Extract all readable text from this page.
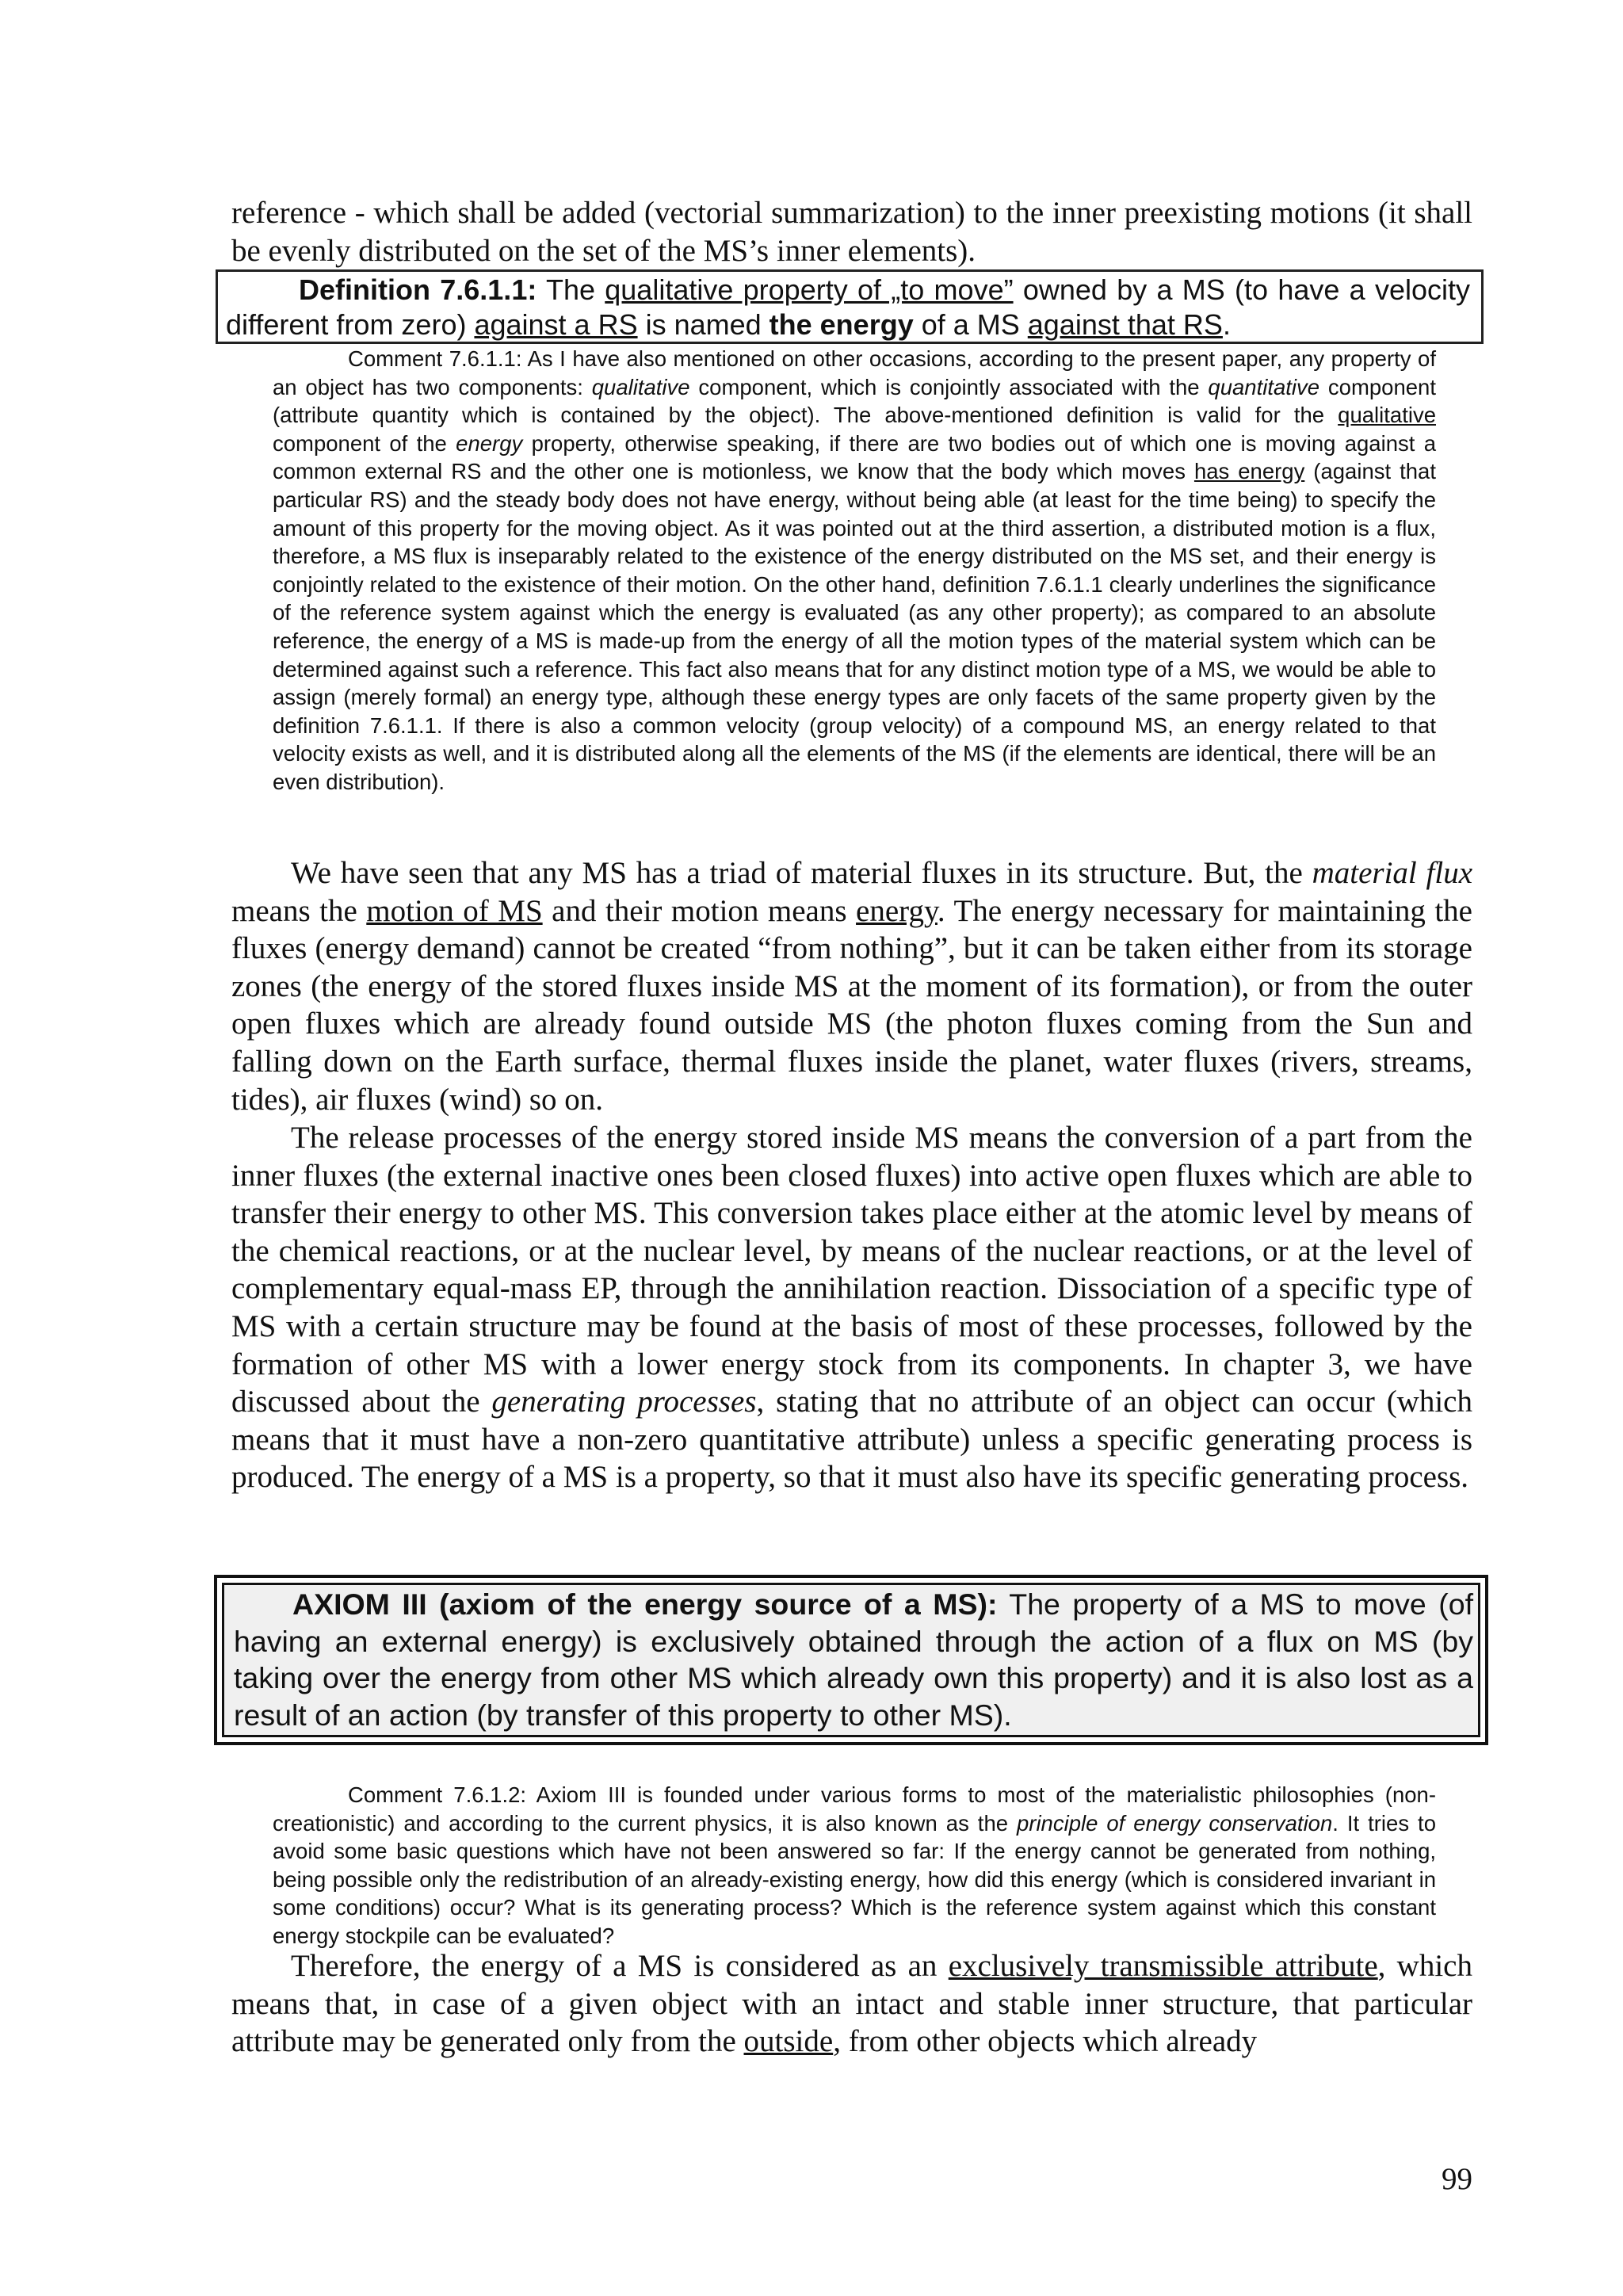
reference - which shall be added (vectorial summarization) to the inner preexisting motions (it shall be evenly distributed on the set of the MS’s inner elements).
Definition 7.6.1.1: The qualitative property of „to move” owned by a MS (to have a velocity different from zero) against a RS is named the energy of a MS against that RS.
Comment 7.6.1.1: As I have also mentioned on other occasions, according to the present paper, any property of an object has two components: qualitative component, which is conjointly associated with the quantitative component (attribute quantity which is contained by the object). The above-mentioned definition is valid for the qualitative component of the energy property, otherwise speaking, if there are two bodies out of which one is moving against a common external RS and the other one is motionless, we know that the body which moves has energy (against that particular RS) and the steady body does not have energy, without being able (at least for the time being) to specify the amount of this property for the moving object. As it was pointed out at the third assertion, a distributed motion is a flux, therefore, a MS flux is inseparably related to the existence of the energy distributed on the MS set, and their energy is conjointly related to the existence of their motion. On the other hand, definition 7.6.1.1 clearly underlines the significance of the reference system against which the energy is evaluated (as any other property); as compared to an absolute reference, the energy of a MS is made-up from the energy of all the motion types of the material system which can be determined against such a reference. This fact also means that for any distinct motion type of a MS, we would be able to assign (merely formal) an energy type, although these energy types are only facets of the same property given by the definition 7.6.1.1. If there is also a common velocity (group velocity) of a compound MS, an energy related to that velocity exists as well, and it is distributed along all the elements of the MS (if the elements are identical, there will be an even distribution).
We have seen that any MS has a triad of material fluxes in its structure. But, the material flux means the motion of MS and their motion means energy. The energy necessary for maintaining the fluxes (energy demand) cannot be created “from nothing”, but it can be taken either from its storage zones (the energy of the stored fluxes inside MS at the moment of its formation), or from the outer open fluxes which are already found outside MS (the photon fluxes coming from the Sun and falling down on the Earth surface, thermal fluxes inside the planet, water fluxes (rivers, streams, tides), air fluxes (wind) so on.
The release processes of the energy stored inside MS means the conversion of a part from the inner fluxes (the external inactive ones been closed fluxes) into active open fluxes which are able to transfer their energy to other MS. This conversion takes place either at the atomic level by means of the chemical reactions, or at the nuclear level, by means of the nuclear reactions, or at the level of complementary equal-mass EP, through the annihilation reaction. Dissociation of a specific type of MS with a certain structure may be found at the basis of most of these processes, followed by the formation of other MS with a lower energy stock from its components. In chapter 3, we have discussed about the generating processes, stating that no attribute of an object can occur (which means that it must have a non-zero quantitative attribute) unless a specific generating process is produced. The energy of a MS is a property, so that it must also have its specific generating process.
AXIOM III (axiom of the energy source of a MS): The property of a MS to move (of having an external energy) is exclusively obtained through the action of a flux on MS (by taking over the energy from other MS which already own this property) and it is also lost as a result of an action (by transfer of this property to other MS).
Comment 7.6.1.2: Axiom III is founded under various forms to most of the materialistic philosophies (non-creationistic) and according to the current physics, it is also known as the principle of energy conservation. It tries to avoid some basic questions which have not been answered so far: If the energy cannot be generated from nothing, being possible only the redistribution of an already-existing energy, how did this energy (which is considered invariant in some conditions) occur? What is its generating process? Which is the reference system against which this constant energy stockpile can be evaluated?
Therefore, the energy of a MS is considered as an exclusively transmissible attribute, which means that, in case of a given object with an intact and stable inner structure, that particular attribute may be generated only from the outside, from other objects which already
99
